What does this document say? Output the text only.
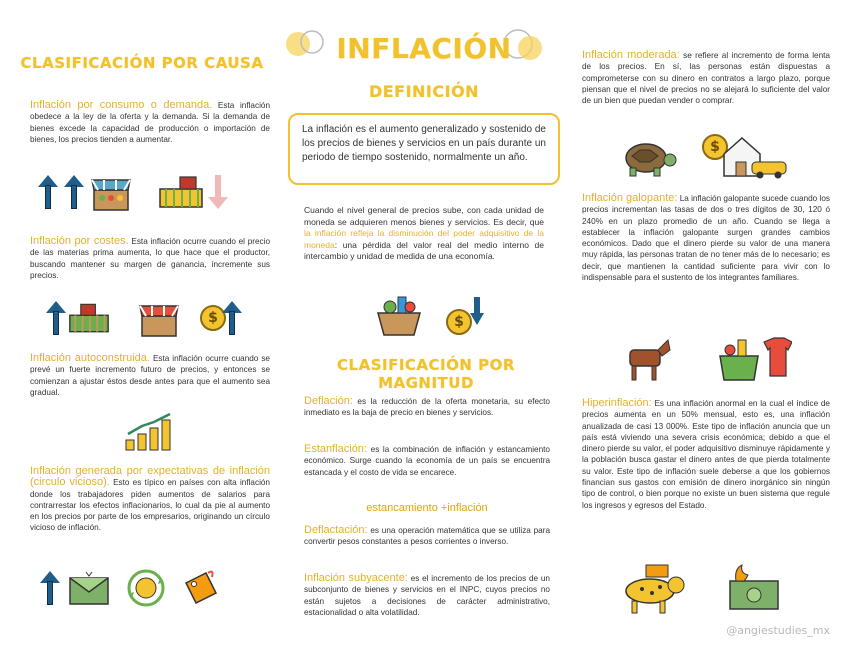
CLASIFICACIÓN POR CAUSA
Inflación por consumo o demanda. Esta inflación obedece a la ley de la oferta y la demanda. Si la demanda de bienes excede la capacidad de producción o importación de bienes, los precios tienden a aumentar.
Inflación por costes. Esta inflación ocurre cuando el precio de las materias prima aumenta, lo que hace que el productor, buscando mantener su margen de ganancia, incremente sus precios.
$
Inflación autoconstruida. Esta inflación ocurre cuando se prevé un fuerte incremento futuro de precios, y entonces se comienzan a ajustar éstos desde antes para que el aumento sea gradual.
Inflación generada por expectativas de inflación (circulo vicioso). Esto es típico en países con alta inflación donde los trabajadores piden aumentos de salarios para contrarrestar los efectos inflacionarios, lo cual da pie al aumento en los precios por parte de los empresarios, originando un círculo vicioso de inflación.
INFLACIÓN
DEFINICIÓN
La inflación es el aumento generalizado y sostenido de los precios de bienes y servicios en un país durante un periodo de tiempo sostenido, normalmente un año.
Cuando el nivel general de precios sube, con cada unidad de moneda se adquieren menos bienes y servicios. Es decir, que la inflación refleja la disminución del poder adquisitivo de la moneda: una pérdida del valor real del medio interno de intercambio y unidad de medida de una economía.
$
CLASIFICACIÓN POR MAGNITUD
Deflación: es la reducción de la oferta monetaria, su efecto inmediato es la baja de precio en bienes y servicios.
Estanflación: es la combinación de inflación y estancamiento económico. Surge cuando la economía de un país se encuentra estancada y el costo de vida se encarece.
estancamiento +inflación
Deflactación: es una operación matemática que se utiliza para convertir pesos constantes a pesos corrientes o inverso.
Inflación subyacente: es el incremento de los precios de un subconjunto de bienes y servicios en el INPC, cuyos precios no están sujetos a decisiones de carácter administrativo, estacionalidad o alta volatilidad.
Inflación moderada: se refiere al incremento de forma lenta de los precios. En sí, las personas están dispuestas a comprometerse con su dinero en contratos a largo plazo, porque piensan que el nivel de precios no se alejará lo suficiente del valor de un bien que puedan vender o comprar.
$
Inflación galopante: La inflación galopante sucede cuando los precios incrementan las tasas de dos o tres dígitos de 30, 120 ó 240% en un plazo promedio de un año. Cuando se llega a establecer la inflación galopante surgen grandes cambios económicos. Dado que el dinero pierde su valor de una manera muy rápida, las personas tratan de no tener más de lo necesario; es decir, que mantienen la cantidad suficiente para vivir con lo indispensable para el sustento de los integrantes familiares.
Hiperinflación: Es una inflación anormal en la cual el índice de precios aumenta en un 50% mensual, esto es, una inflación anualizada de casi 13 000%. Este tipo de inflación anuncia que un país está viviendo una severa crisis económica; debido a que el dinero pierde su valor, el poder adquisitivo disminuye rápidamente y la población busca gastar el dinero antes de que pierda totalmente su valor. Este tipo de inflación suele deberse a que los gobiernos financian sus gastos con emisión de dinero inorgánico sin ningún tipo de control, o bien porque no existe un buen sistema que regule los ingresos y egresos del Estado.
@angiestudies_mx
